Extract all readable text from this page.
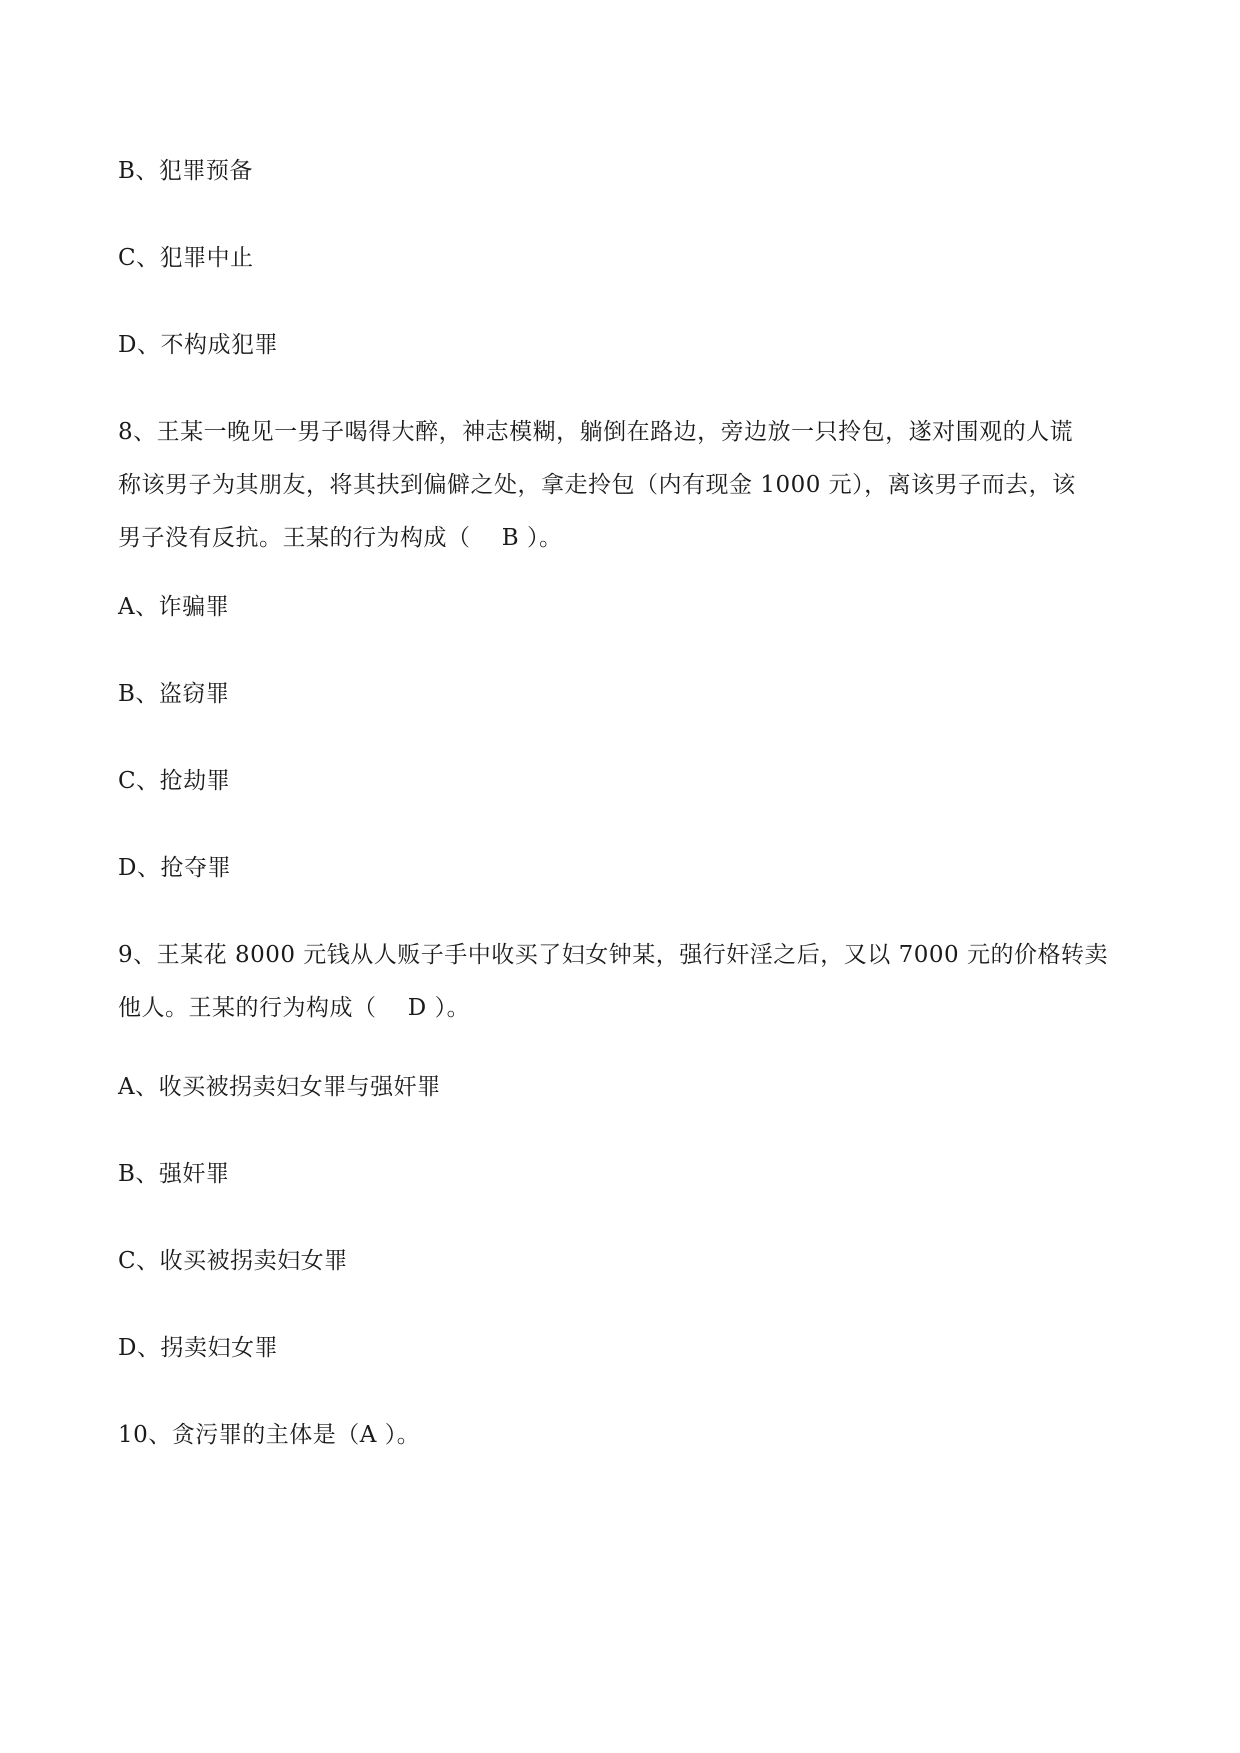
B、犯罪预备
C、犯罪中止
D、不构成犯罪
8、王某一晚见一男子喝得大醉，神志模糊，躺倒在路边，旁边放一只拎包，遂对围观的人谎
称该男子为其朋友，将其扶到偏僻之处，拿走拎包（内有现金 1000 元），离该男子而去，该
男子没有反抗。王某的行为构成（　 B ）。
A、诈骗罪
B、盗窃罪
C、抢劫罪
D、抢夺罪
9、王某花 8000 元钱从人贩子手中收买了妇女钟某，强行奸淫之后，又以 7000 元的价格转卖
他人。王某的行为构成（　 D ）。
A、收买被拐卖妇女罪与强奸罪
B、强奸罪
C、收买被拐卖妇女罪
D、拐卖妇女罪
10、贪污罪的主体是（A ）。
